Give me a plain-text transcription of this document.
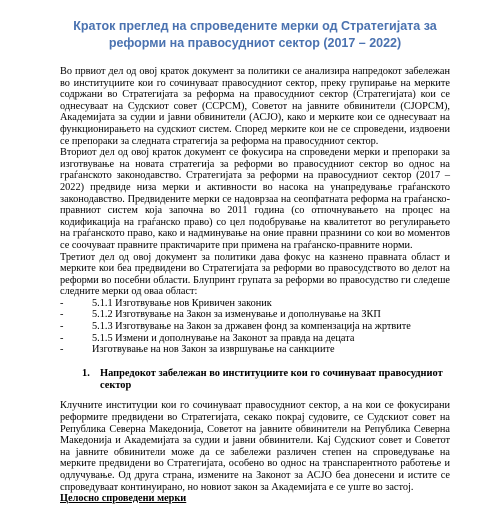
Краток преглед на спроведените мерки од Стратегијата за
реформи на правосудниот сектор (2017 – 2022)

Во првиот дел од овој краток документ за политики се анализира напредокот забележан во институциите кои го сочинуваат правосудниот сектор, преку групирање на мерките содржани во Стратегијата за реформа на правосудниот сектор (Стратегијата) кои се однесуваат на Судскиот совет (ССРСМ), Советот на јавните обвинители (СЈОРСМ), Академијата за судии и јавни обвинители (АСЈО), како и мерките кои се однесуваат на функционирањето на судскиот систем. Според мерките кои не се спроведени, издвоени се препораки за следната стратегија за реформа на правосудниот сектор.

Вториот дел од овој краток документ се фокусира на спроведени мерки и препораки за изготвување на новата стратегија за реформи во правосудниот сектор во однос на граѓанското законодавство. Стратегијата за реформи на правосудниот сектор (2017 – 2022) предвиде низа мерки и активности во насока на унапредување граѓанското законодавство. Предвидените мерки се надоврзаа на сеопфатната реформа на граѓанско-правниот систем која започна во 2011 година (со отпочнувањето на процес на кодификација на граѓанско право) со цел подобрување на квалитетот во регулирањето на граѓанското право, како и надминување на оние правни празнини со кои во моментов се соочуваат правните практичарите при примена на граѓанско-правните норми.

Третиот дел од овој документ за политики дава фокус на казнено правната област и мерките кои беа предвидени во Стратегијата за реформи во правосудството во делот на реформи во посебни области. Блупринт групата за реформи во правосудство ги следеше следните мерки од оваа област:

-	5.1.1 Изготвување нов Кривичен законик
-	5.1.2 Изготвување на Закон за изменување и дополнување на ЗКП
-	5.1.3 Изготвување на Закон за државен фонд за компензација на жртвите
-	5.1.5 Измени и дополнување на Законот за правда на децата
-	Изготвување на нов Закон за извршување на санкциите
1. Напредокот забележан во институциите кои го сочинуваат правосудниот сектор

Клучните институции кои го сочинуваат правосудниот сектор, а на кои се фокусирани реформите предвидени во Стратегијата, секако покрај судовите, се Судскиот совет на Република Северна Македонија, Советот на јавните обвинители на Република Северна Македонија и Академијата за судии и јавни обвинители. Кај Судскиот совет и Советот на јавните обвинители може да се забележи различен степен на спроведување на мерките предвидени во Стратегијата, особено во однос на транспарентното работење и одлучување. Од друга страна, измените на Законот за АСЈО беа донесени и истите се спроведуваат континуирано, но новиот закон за Академијата е се уште во застој.

Целосно спроведени мерки
